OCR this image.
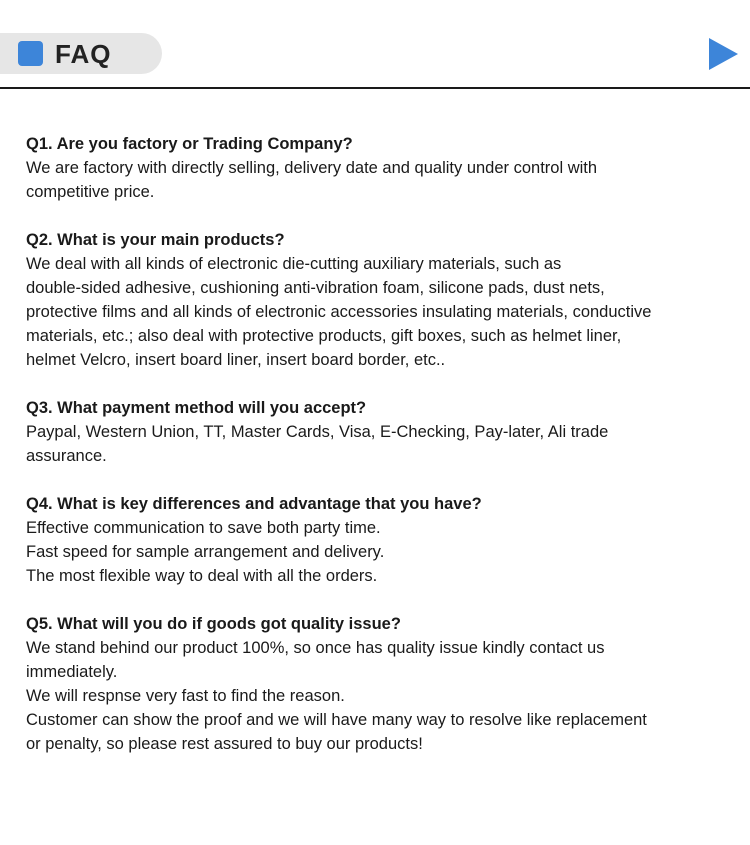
FAQ
Q1. Are you factory or Trading Company?
We are factory with directly selling, delivery date and quality under control with
competitive price.
Q2. What is your main products?
We deal with all kinds of electronic die-cutting auxiliary materials, such as
double-sided adhesive, cushioning anti-vibration foam, silicone pads, dust nets,
protective films and all kinds of electronic accessories insulating materials, conductive
materials, etc.; also deal with protective products, gift boxes, such as helmet liner,
helmet Velcro, insert board liner, insert board border, etc..
Q3. What payment method will you accept?
Paypal, Western Union, TT, Master Cards, Visa, E-Checking, Pay-later, Ali trade
assurance.
Q4. What is key differences and advantage that you have?
Effective communication to save both party time.
Fast speed for sample arrangement and delivery.
The most flexible way to deal with all the orders.
Q5. What will you do if goods got quality issue?
We stand behind our product 100%, so once has quality issue kindly contact us
immediately.
We will respnse very fast to find the reason.
Customer can show the proof and we will have many way to resolve like replacement
or penalty, so please rest assured to buy our products!
